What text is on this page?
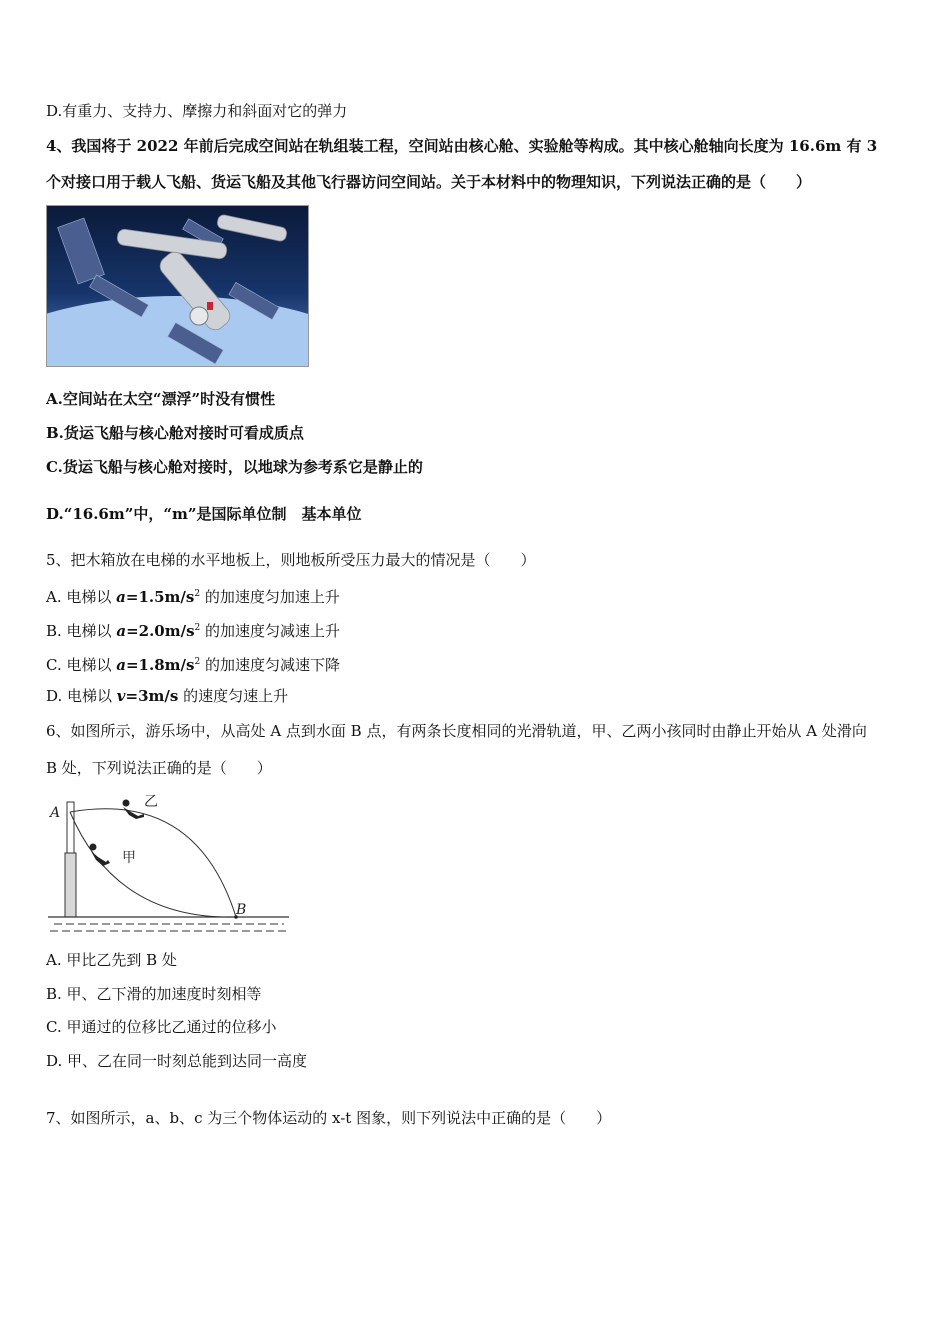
D.有重力、支持力、摩擦力和斜面对它的弹力
4、我国将于 2022 年前后完成空间站在轨组装工程，空间站由核心舱、实验舱等构成。其中核心舱轴向长度为 16.6m 有 3
个对接口用于载人飞船、货运飞船及其他飞行器访问空间站。关于本材料中的物理知识，下列说法正确的是（　　）
A.空间站在太空“漂浮”时没有惯性
B.货运飞船与核心舱对接时可看成质点
C.货运飞船与核心舱对接时，以地球为参考系它是静止的
D.“16.6m”中，“m”是国际单位制　基本单位
5、把木箱放在电梯的水平地板上，则地板所受压力最大的情况是（　　）
A. 电梯以 $a=1.5m/s^2$ 的加速度匀加速上升
B. 电梯以 $a=2.0m/s^2$ 的加速度匀减速上升
C. 电梯以 $a=1.8m/s^2$ 的加速度匀减速下降
D. 电梯以 v=3m/s 的速度匀速上升
6、如图所示，游乐场中，从高处 A 点到水面 B 点，有两条长度相同的光滑轨道，甲、乙两小孩同时由静止开始从 A 处滑向
B 处，下列说法正确的是（　　）
A
B
甲
乙
A. 甲比乙先到 B 处
B. 甲、乙下滑的加速度时刻相等
C. 甲通过的位移比乙通过的位移小
D. 甲、乙在同一时刻总能到达同一高度
7、如图所示，a、b、c 为三个物体运动的 x-t 图象，则下列说法中正确的是（　　）
